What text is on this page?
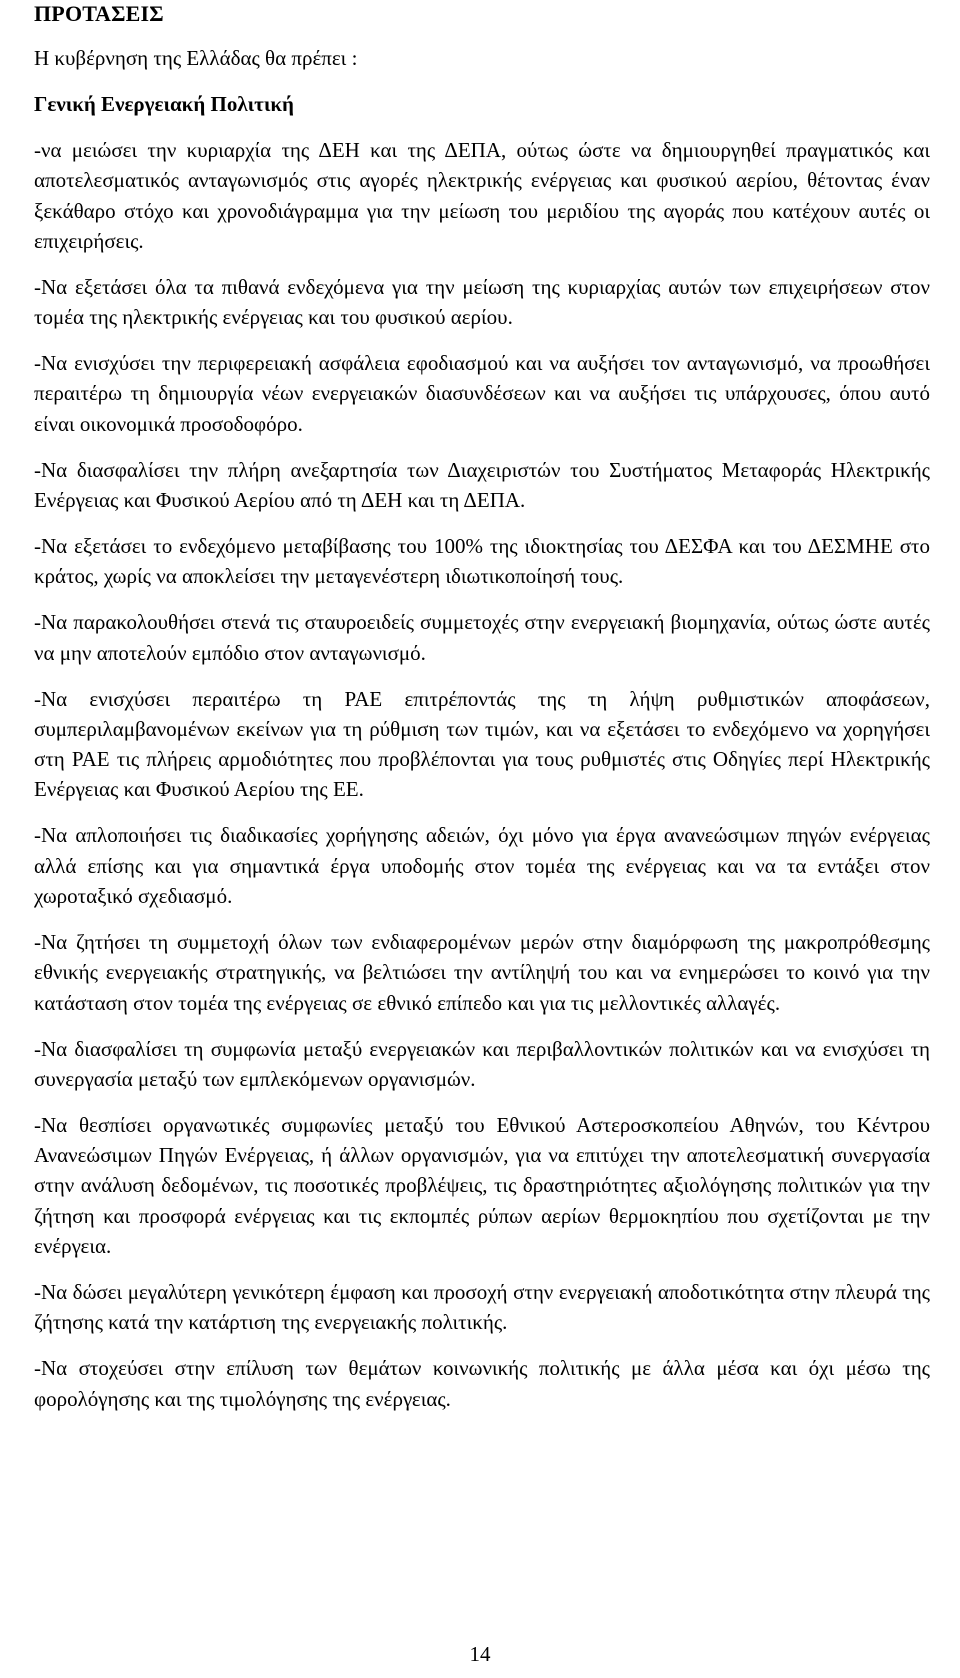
ΠΡΟΤΑΣΕΙΣ

Η κυβέρνηση της Ελλάδας θα πρέπει :

Γενική Ενεργειακή Πολιτική

-να μειώσει την κυριαρχία της ΔΕΗ και της ΔΕΠΑ, ούτως ώστε να δημιουργηθεί πραγματικός και αποτελεσματικός ανταγωνισμός στις αγορές ηλεκτρικής ενέργειας και φυσικού αερίου, θέτοντας έναν ξεκάθαρο στόχο και χρονοδιάγραμμα για την μείωση του μεριδίου της αγοράς που κατέχουν αυτές οι επιχειρήσεις.

-Να εξετάσει όλα τα πιθανά ενδεχόμενα για την μείωση της κυριαρχίας αυτών των επιχειρήσεων στον τομέα της ηλεκτρικής ενέργειας και του φυσικού αερίου.

-Να ενισχύσει την περιφερειακή ασφάλεια εφοδιασμού και να αυξήσει τον ανταγωνισμό, να προωθήσει περαιτέρω τη δημιουργία νέων ενεργειακών διασυνδέσεων και να αυξήσει τις υπάρχουσες, όπου αυτό είναι οικονομικά προσοδοφόρο.

-Να διασφαλίσει την πλήρη ανεξαρτησία των Διαχειριστών του Συστήματος Μεταφοράς Ηλεκτρικής Ενέργειας και Φυσικού Αερίου από τη ΔΕΗ και τη ΔΕΠΑ.

-Να εξετάσει το ενδεχόμενο μεταβίβασης του 100% της ιδιοκτησίας του ΔΕΣΦΑ και του ΔΕΣΜΗΕ στο κράτος, χωρίς να αποκλείσει την μεταγενέστερη ιδιωτικοποίησή τους.

-Να παρακολουθήσει στενά τις σταυροειδείς συμμετοχές στην ενεργειακή βιομηχανία, ούτως ώστε αυτές να μην αποτελούν εμπόδιο στον ανταγωνισμό.

-Να ενισχύσει περαιτέρω τη ΡΑΕ επιτρέποντάς της τη λήψη ρυθμιστικών αποφάσεων, συμπεριλαμβανομένων εκείνων για τη ρύθμιση των τιμών, και να εξετάσει το ενδεχόμενο να χορηγήσει στη ΡΑΕ τις πλήρεις αρμοδιότητες που προβλέπονται για τους ρυθμιστές στις Οδηγίες περί Ηλεκτρικής Ενέργειας και Φυσικού Αερίου της ΕΕ.

-Να απλοποιήσει τις διαδικασίες χορήγησης αδειών, όχι μόνο για έργα ανανεώσιμων πηγών ενέργειας αλλά επίσης και για σημαντικά έργα υποδομής στον τομέα της ενέργειας και να τα εντάξει στον χωροταξικό σχεδιασμό.

-Να ζητήσει τη συμμετοχή όλων των ενδιαφερομένων μερών στην διαμόρφωση της μακροπρόθεσμης εθνικής ενεργειακής στρατηγικής, να βελτιώσει την αντίληψή του και να ενημερώσει το κοινό για την κατάσταση στον τομέα της ενέργειας σε εθνικό επίπεδο και για τις μελλοντικές αλλαγές.

-Να διασφαλίσει τη συμφωνία μεταξύ ενεργειακών και περιβαλλοντικών πολιτικών και να ενισχύσει τη συνεργασία μεταξύ των εμπλεκόμενων οργανισμών.

-Να θεσπίσει οργανωτικές συμφωνίες μεταξύ του Εθνικού Αστεροσκοπείου Αθηνών, του Κέντρου Ανανεώσιμων Πηγών Ενέργειας, ή άλλων οργανισμών, για να επιτύχει την αποτελεσματική συνεργασία στην ανάλυση δεδομένων, τις ποσοτικές προβλέψεις, τις δραστηριότητες αξιολόγησης πολιτικών για την ζήτηση και προσφορά ενέργειας και τις εκπομπές ρύπων αερίων θερμοκηπίου που σχετίζονται με την ενέργεια.

-Να δώσει μεγαλύτερη γενικότερη έμφαση και προσοχή στην ενεργειακή αποδοτικότητα στην πλευρά της ζήτησης κατά την κατάρτιση της ενεργειακής πολιτικής.

-Να στοχεύσει στην επίλυση των θεμάτων κοινωνικής πολιτικής με άλλα μέσα και όχι μέσω της φορολόγησης και της τιμολόγησης της ενέργειας.

14
